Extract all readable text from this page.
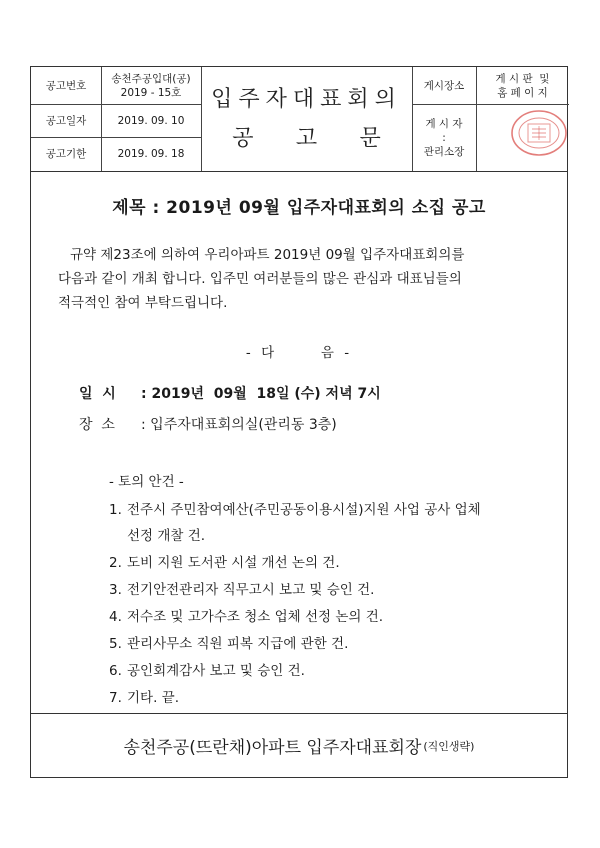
공고번호
송천주공입대(공)
2019 - 15호
공고일자	2019. 09. 10
공고기한	2019. 09. 18
입주자대표회의
공 고 문
게시장소
게 시 판  및
홈 페 이 지
게 시 자
:
관리소장
제목 : 2019년 09월 입주자대표회의 소집 공고
규약 제23조에 의하여 우리아파트 2019년 09월 입주자대표회의를
다음과 같이 개최 합니다. 입주민 여러분들의 많은 관심과 대표님들의
적극적인 참여 부탁드립니다.
- 다      음 -
일  시 : 2019년  09월  18일 (수) 저녁 7시
장  소 : 입주자대표회의실(관리동 3층)
- 토의 안건 -
1. 전주시 주민참여예산(주민공동이용시설)지원 사업 공사 업체
선정 개찰 건.
2. 도비 지원 도서관 시설 개선 논의 건.
3. 전기안전관리자 직무고시 보고 및 승인 건.
4. 저수조 및 고가수조 청소 업체 선정 논의 건.
5. 관리사무소 직원 피복 지급에 관한 건.
6. 공인회계감사 보고 및 승인 건.
7. 기타. 끝.
송천주공(뜨란채)아파트 입주자대표회장 (직인생략)
